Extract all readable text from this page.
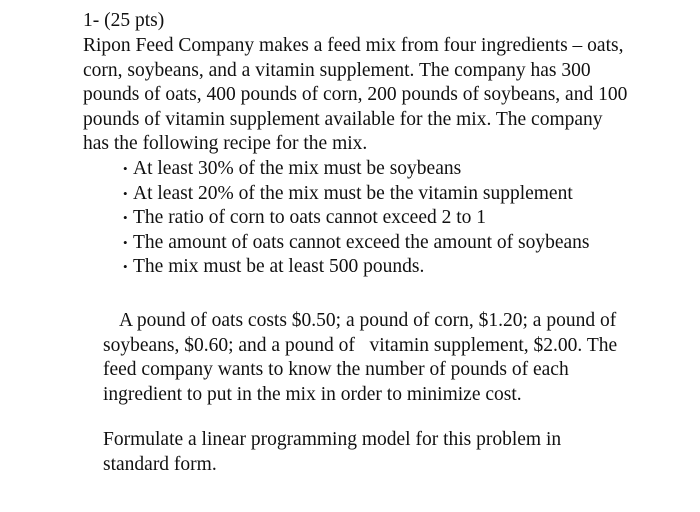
1- (25 pts)
Ripon Feed Company makes a feed mix from four ingredients – oats,
corn, soybeans, and a vitamin supplement. The company has 300
pounds of oats, 400 pounds of corn, 200 pounds of soybeans, and 100
pounds of vitamin supplement available for the mix. The company
has the following recipe for the mix.
• At least 30% of the mix must be soybeans
• At least 20% of the mix must be the vitamin supplement
• The ratio of corn to oats cannot exceed 2 to 1
• The amount of oats cannot exceed the amount of soybeans
• The mix must be at least 500 pounds.
A pound of oats costs $0.50; a pound of corn, $1.20; a pound of
soybeans, $0.60; and a pound of   vitamin supplement, $2.00. The
feed company wants to know the number of pounds of each
ingredient to put in the mix in order to minimize cost.
Formulate a linear programming model for this problem in
standard form.
